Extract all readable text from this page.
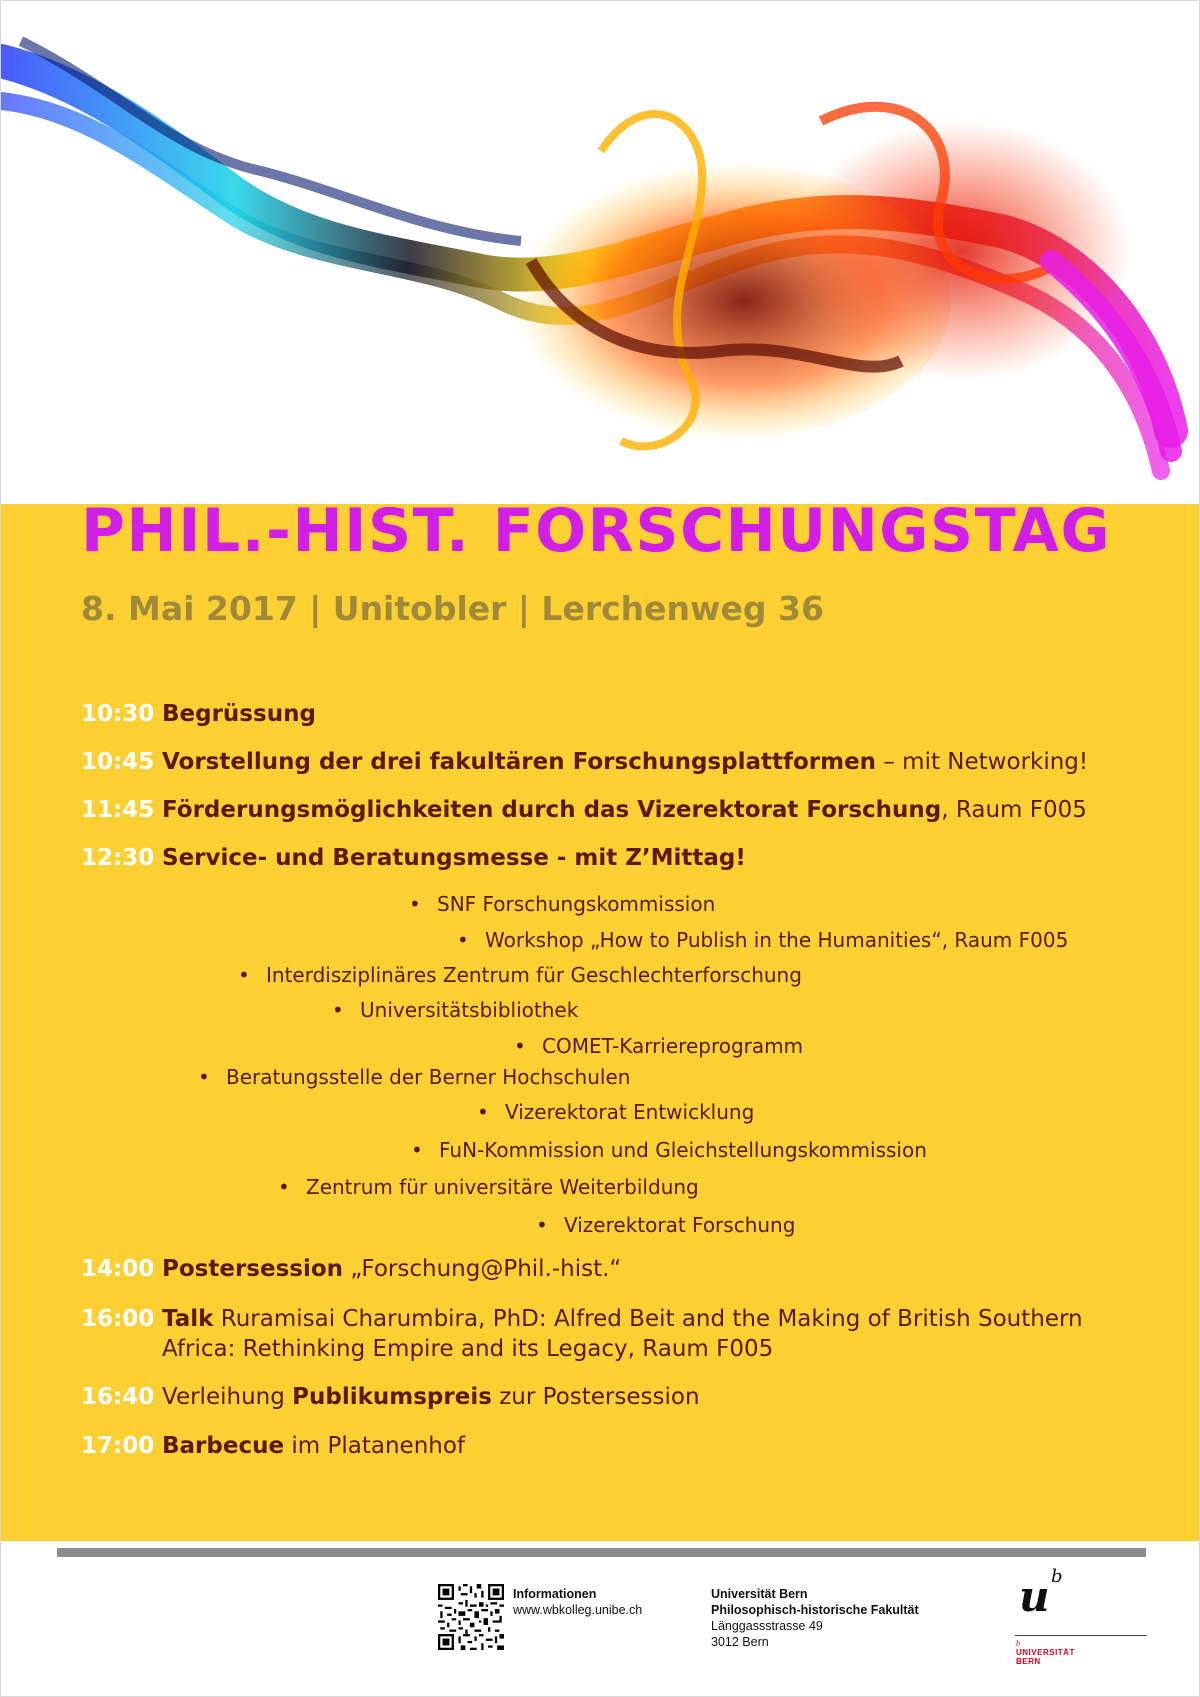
PHIL.-HIST. FORSCHUNGSTAG
8. Mai 2017 | Unitobler | Lerchenweg 36
10:30 Begrüssung
10:45 Vorstellung der drei fakultären Forschungsplattformen – mit Networking!
11:45 Förderungsmöglichkeiten durch das Vizerektorat Forschung, Raum F005
12:30 Service- und Beratungsmesse - mit Z’Mittag!
• SNF Forschungskommission
• Workshop „How to Publish in the Humanities“, Raum F005
• Interdisziplinäres Zentrum für Geschlechterforschung
• Universitätsbibliothek
• COMET-Karriereprogramm
• Beratungsstelle der Berner Hochschulen
• Vizerektorat Entwicklung
• FuN-Kommission und Gleichstellungskommission
• Zentrum für universitäre Weiterbildung
• Vizerektorat Forschung
14:00 Postersession „Forschung@Phil.-hist.“
16:00 Talk Ruramisai Charumbira, PhD: Alfred Beit and the Making of British Southern Africa: Rethinking Empire and its Legacy, Raum F005
16:40 Verleihung Publikumspreis zur Postersession
17:00 Barbecue im Platanenhof
Informationen
www.wbkolleg.unibe.ch
Universität Bern
Philosophisch-historische Fakultät
Länggassstrasse 49
3012 Bern
u b
b
UNIVERSITÄT
BERN
